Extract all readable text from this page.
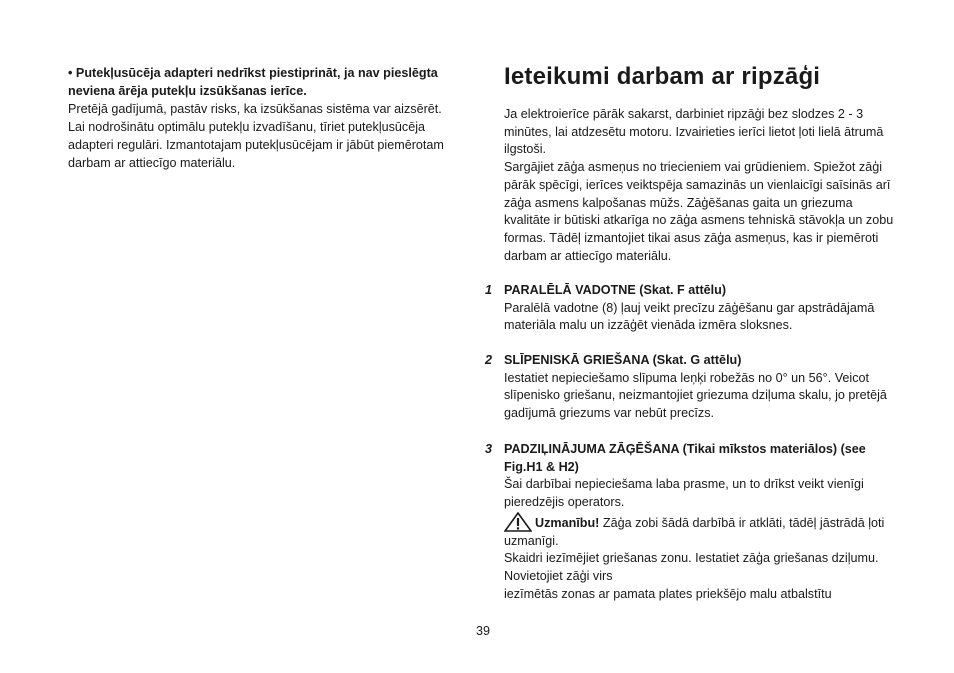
• Putekļusūcēja adapteri nedrīkst piestiprināt, ja nav pieslēgta neviena ārēja putekļu izsūkšanas ierīce.

Pretējā gadījumā, pastāv risks, ka izsūkšanas sistēma var aizsērēt. Lai nodrošinātu optimālu putekļu izvadīšanu, tīriet putekļusūcēja adapteri regulāri. Izmantotajam putekļusūcējam ir jābūt piemērotam darbam ar attiecīgo materiālu.

Ieteikumi darbam ar ripzāģi

Ja elektroierīce pārāk sakarst, darbiniet ripzāģi bez slodzes 2 - 3 minūtes, lai atdzesētu motoru. Izvairieties ierīci lietot ļoti lielā ātrumā ilgstoši.

Sargājiet zāģa asmeņus no triecieniem vai grūdieniem. Spiežot zāģi pārāk spēcīgi, ierīces veiktspēja samazinās un vienlaicīgi saīsinās arī zāģa asmens kalpošanas mūžs. Zāģēšanas gaita un griezuma kvalitāte ir būtiski atkarīga no zāģa asmens tehniskā stāvokļa un zobu formas. Tādēļ izmantojiet tikai asus zāģa asmeņus, kas ir piemēroti darbam ar attiecīgo materiālu.

1 PARALĒLĀ VADOTNE (Skat. F attēlu)

Paralēlā vadotne (8) ļauj veikt precīzu zāģēšanu gar apstrādājamā materiāla malu un izzāģēt vienāda izmēra sloksnes.

2 SLĪPENISKĀ GRIEŠANA (Skat. G attēlu)

Iestatiet nepieciešamo slīpuma leņķi robežās no 0° un 56°. Veicot slīpenisko griešanu, neizmantojiet griezuma dziļuma skalu, jo pretējā gadījumā griezums var nebūt precīzs.

3 PADZIĻINĀJUMA ZĀĢĒŠANA (Tikai mīkstos materiālos) (see Fig.H1 & H2)

Šai darbībai nepieciešama laba prasme, un to drīkst veikt vienīgi pieredzējis operators.

Uzmanību! Zāģa zobi šādā darbībā ir atklāti, tādēļ jāstrādā ļoti uzmanīgi.

Skaidri iezīmējiet griešanas zonu. Iestatiet zāģa griešanas dziļumu. Novietojiet zāģi virs

iezīmētās zonas ar pamata plates priekšējo malu atbalstītu

39
